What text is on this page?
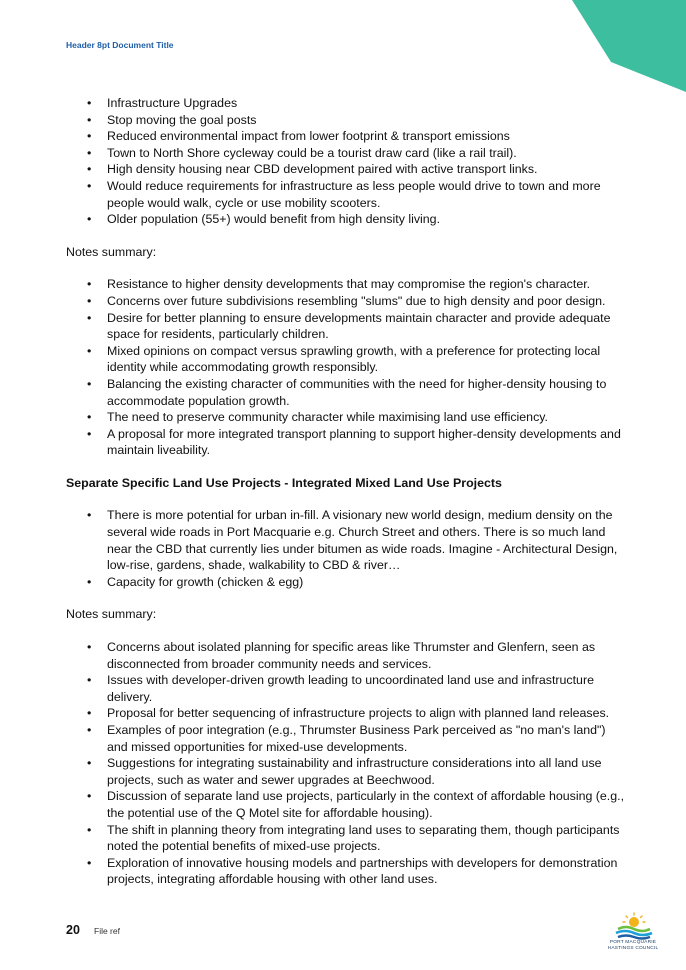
Header 8pt Document Title
• Infrastructure Upgrades
• Stop moving the goal posts
• Reduced environmental impact from lower footprint & transport emissions
• Town to North Shore cycleway could be a tourist draw card (like a rail trail).
• High density housing near CBD development paired with active transport links.
• Would reduce requirements for infrastructure as less people would drive to town and more people would walk, cycle or use mobility scooters.
• Older population (55+) would benefit from high density living.

Notes summary:

• Resistance to higher density developments that may compromise the region's character.
• Concerns over future subdivisions resembling "slums" due to high density and poor design.
• Desire for better planning to ensure developments maintain character and provide adequate space for residents, particularly children.
• Mixed opinions on compact versus sprawling growth, with a preference for protecting local identity while accommodating growth responsibly.
• Balancing the existing character of communities with the need for higher-density housing to accommodate population growth.
• The need to preserve community character while maximising land use efficiency.
• A proposal for more integrated transport planning to support higher-density developments and maintain liveability.

Separate Specific Land Use Projects - Integrated Mixed Land Use Projects

• There is more potential for urban in-fill. A visionary new world design, medium density on the several wide roads in Port Macquarie e.g. Church Street and others. There is so much land near the CBD that currently lies under bitumen as wide roads. Imagine - Architectural Design, low-rise, gardens, shade, walkability to CBD & river…
• Capacity for growth (chicken & egg)

Notes summary:

• Concerns about isolated planning for specific areas like Thrumster and Glenfern, seen as disconnected from broader community needs and services.
• Issues with developer-driven growth leading to uncoordinated land use and infrastructure delivery.
• Proposal for better sequencing of infrastructure projects to align with planned land releases.
• Examples of poor integration (e.g., Thrumster Business Park perceived as "no man's land") and missed opportunities for mixed-use developments.
• Suggestions for integrating sustainability and infrastructure considerations into all land use projects, such as water and sewer upgrades at Beechwood.
• Discussion of separate land use projects, particularly in the context of affordable housing (e.g., the potential use of the Q Motel site for affordable housing).
• The shift in planning theory from integrating land uses to separating them, though participants noted the potential benefits of mixed-use projects.
• Exploration of innovative housing models and partnerships with developers for demonstration projects, integrating affordable housing with other land uses.
20 File ref
PORT MACQUARIE HASTINGS COUNCIL
